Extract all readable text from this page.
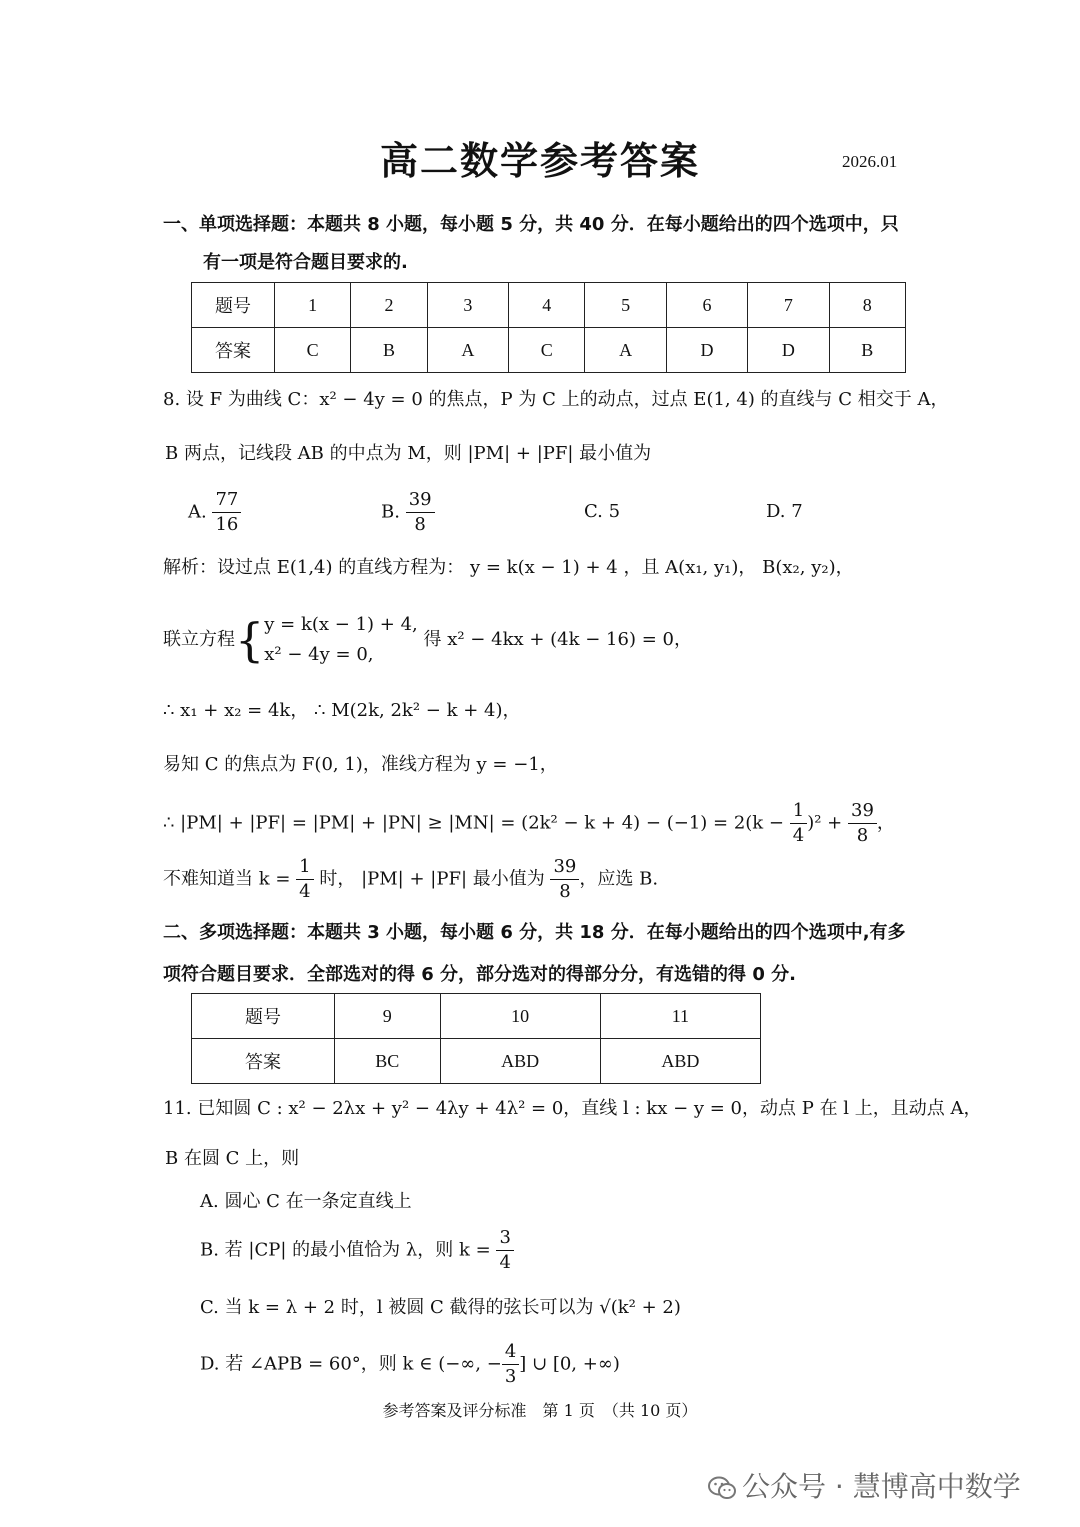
高二数学参考答案	2026.01
一、单项选择题：本题共 8 小题，每小题 5 分，共 40 分．在每小题给出的四个选项中，只
有一项是符合题目要求的.
题号	1	2	3	4	5	6	7	8
答案	C	B	A	C	A	D	D	B
8. 设 F 为曲线 C：x² − 4y = 0 的焦点，P 为 C 上的动点，过点 E(1, 4) 的直线与 C 相交于 A，
B 两点，记线段 AB 的中点为 M，则 |PM| + |PF| 最小值为
A. $\frac{77}{16}$	B. $\frac{39}{8}$	C. 5	D. 7
解析：设过点 E(1,4) 的直线方程为： y = k(x − 1) + 4 ，且 A(x₁, y₁)， B(x₂, y₂)，
联立方程{ y = k(x − 1) + 4,
x² − 4y = 0,
得 x² − 4kx + (4k − 16) = 0，
∴ x₁ + x₂ = 4k， ∴ M(2k, 2k² − k + 4)，
易知 C 的焦点为 F(0, 1)，准线方程为 y = −1，
∴ $|PM| + |PF| = |PM| + |PN| \ge |MN| = (2k^2 - k + 4) - (-1) = 2(k - \frac{1}{4} )^2 + \frac{39}{8}$ ，
不难知道当 $k = \frac{1}{4}$ 时， |PM| + |PF| 最小值为 $\frac{39}{8}$ ，应选 B.
二、多项选择题：本题共 3 小题，每小题 6 分，共 18 分．在每小题给出的四个选项中,有多
项符合题目要求．全部选对的得 6 分，部分选对的得部分分，有选错的得 0 分.
题号	9	10	11
答案	BC	ABD	ABD
11. 已知圆 C : x² − 2λx + y² − 4λy + 4λ² = 0，直线 l : kx − y = 0，动点 P 在 l 上，且动点 A，
B 在圆 C 上，则
A. 圆心 C 在一条定直线上
B. 若 |CP| 的最小值恰为 λ，则 $k = \frac{3}{4}$
C. 当 k = λ + 2 时，l 被圆 C 截得的弦长可以为 √(k² + 2)
D. 若 ∠APB = 60°，则 k ∈ (−∞, − $\frac{4}{3}$ ] ∪ [0, +∞)
参考答案及评分标准　第 1 页　（共 10 页）
公众号 · 慧博高中数学
